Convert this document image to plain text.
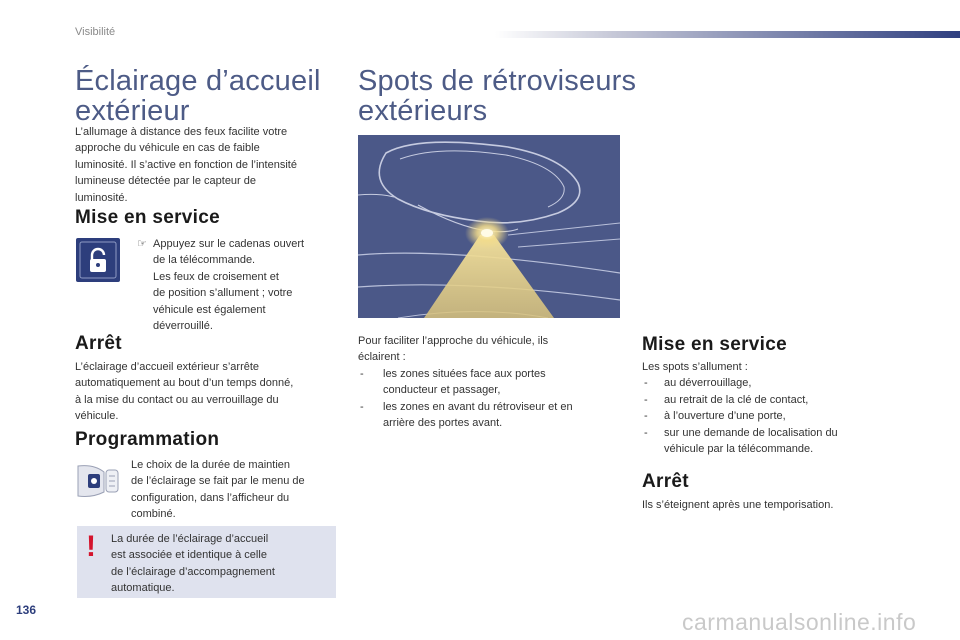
Visibilité
Éclairage d’accueil
extérieur
L’allumage à distance des feux facilite votre
approche du véhicule en cas de faible
luminosité. Il s’active en fonction de l’intensité
lumineuse détectée par le capteur de
luminosité.
Mise en service
☞ Appuyez sur le cadenas ouvert
de la télécommande.
Les feux de croisement et
de position s’allument ; votre
véhicule est également
déverrouillé.
Arrêt
L’éclairage d’accueil extérieur s’arrête
automatiquement au bout d’un temps donné,
à la mise du contact ou au verrouillage du
véhicule.
Programmation
Le choix de la durée de maintien
de l’éclairage se fait par le menu de
configuration, dans l’afficheur du
combiné.
! La durée de l’éclairage d’accueil
est associée et identique à celle
de l’éclairage d’accompagnement
automatique.
Spots de rétroviseurs
extérieurs
Pour faciliter l’approche du véhicule, ils
éclairent :
- les zones situées face aux portes
conducteur et passager,
- les zones en avant du rétroviseur et en
arrière des portes avant.
Mise en service
Les spots s’allument :
- au déverrouillage,
- au retrait de la clé de contact,
- à l’ouverture d’une porte,
- sur une demande de localisation du
véhicule par la télécommande.
Arrêt
Ils s’éteignent après une temporisation.
136	carmanualsonline.info
